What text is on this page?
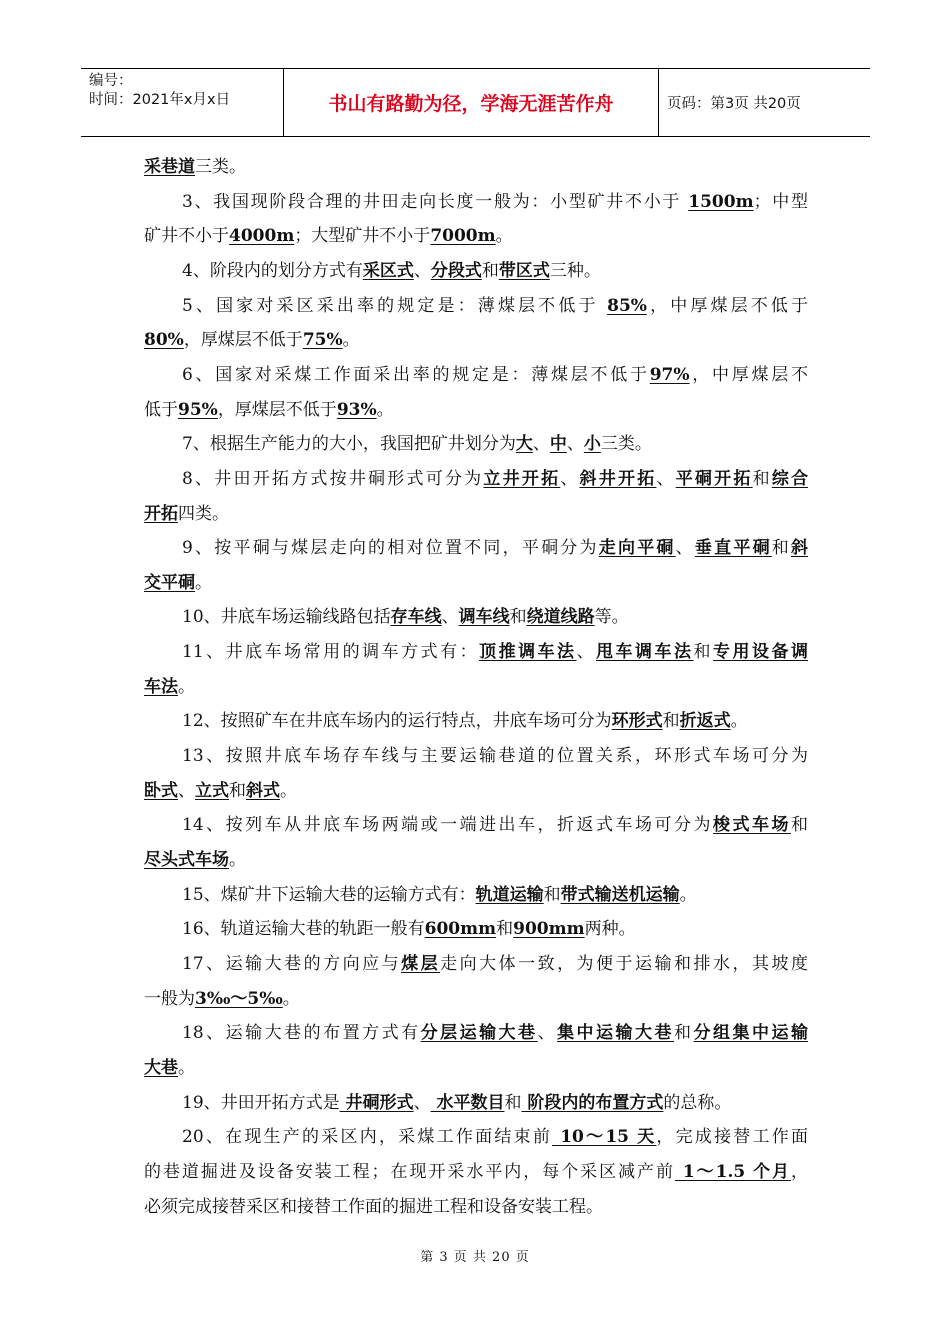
编号：
时间：2021年x月x日	书山有路勤为径，学海无涯苦作舟	页码：第3页 共20页
采巷道三类。
3、我国现阶段合理的井田走向长度一般为：小型矿井不小于 1500m；中型
矿井不小于4000m；大型矿井不小于7000m。
4、阶段内的划分方式有采区式、分段式和带区式三种。
5、国家对采区采出率的规定是：薄煤层不低于 85%，中厚煤层不低于
80%，厚煤层不低于75%。
6、国家对采煤工作面采出率的规定是：薄煤层不低于97%，中厚煤层不
低于95%，厚煤层不低于93%。
7、根据生产能力的大小，我国把矿井划分为大、中、小三类。
8、井田开拓方式按井硐形式可分为立井开拓、斜井开拓、平硐开拓和综合
开拓四类。
9、按平硐与煤层走向的相对位置不同，平硐分为走向平硐、垂直平硐和斜
交平硐。
10、井底车场运输线路包括存车线、调车线和绕道线路等。
11、井底车场常用的调车方式有：顶推调车法、甩车调车法和专用设备调
车法。
12、按照矿车在井底车场内的运行特点，井底车场可分为环形式和折返式。
13、按照井底车场存车线与主要运输巷道的位置关系，环形式车场可分为
卧式、立式和斜式。
14、按列车从井底车场两端或一端进出车，折返式车场可分为梭式车场和
尽头式车场。
15、煤矿井下运输大巷的运输方式有：轨道运输和带式输送机运输。
16、轨道运输大巷的轨距一般有600mm和900mm两种。
17、运输大巷的方向应与煤层走向大体一致，为便于运输和排水，其坡度
一般为3‰～5‰。
18、运输大巷的布置方式有分层运输大巷、集中运输大巷和分组集中运输
大巷。
19、井田开拓方式是 井硐形式、 水平数目和 阶段内的布置方式的总称。
20、在现生产的采区内，采煤工作面结束前 10～15 天，完成接替工作面
的巷道掘进及设备安装工程；在现开采水平内，每个采区减产前 1～1.5 个月，
必须完成接替采区和接替工作面的掘进工程和设备安装工程。
第 3 页 共 20 页
